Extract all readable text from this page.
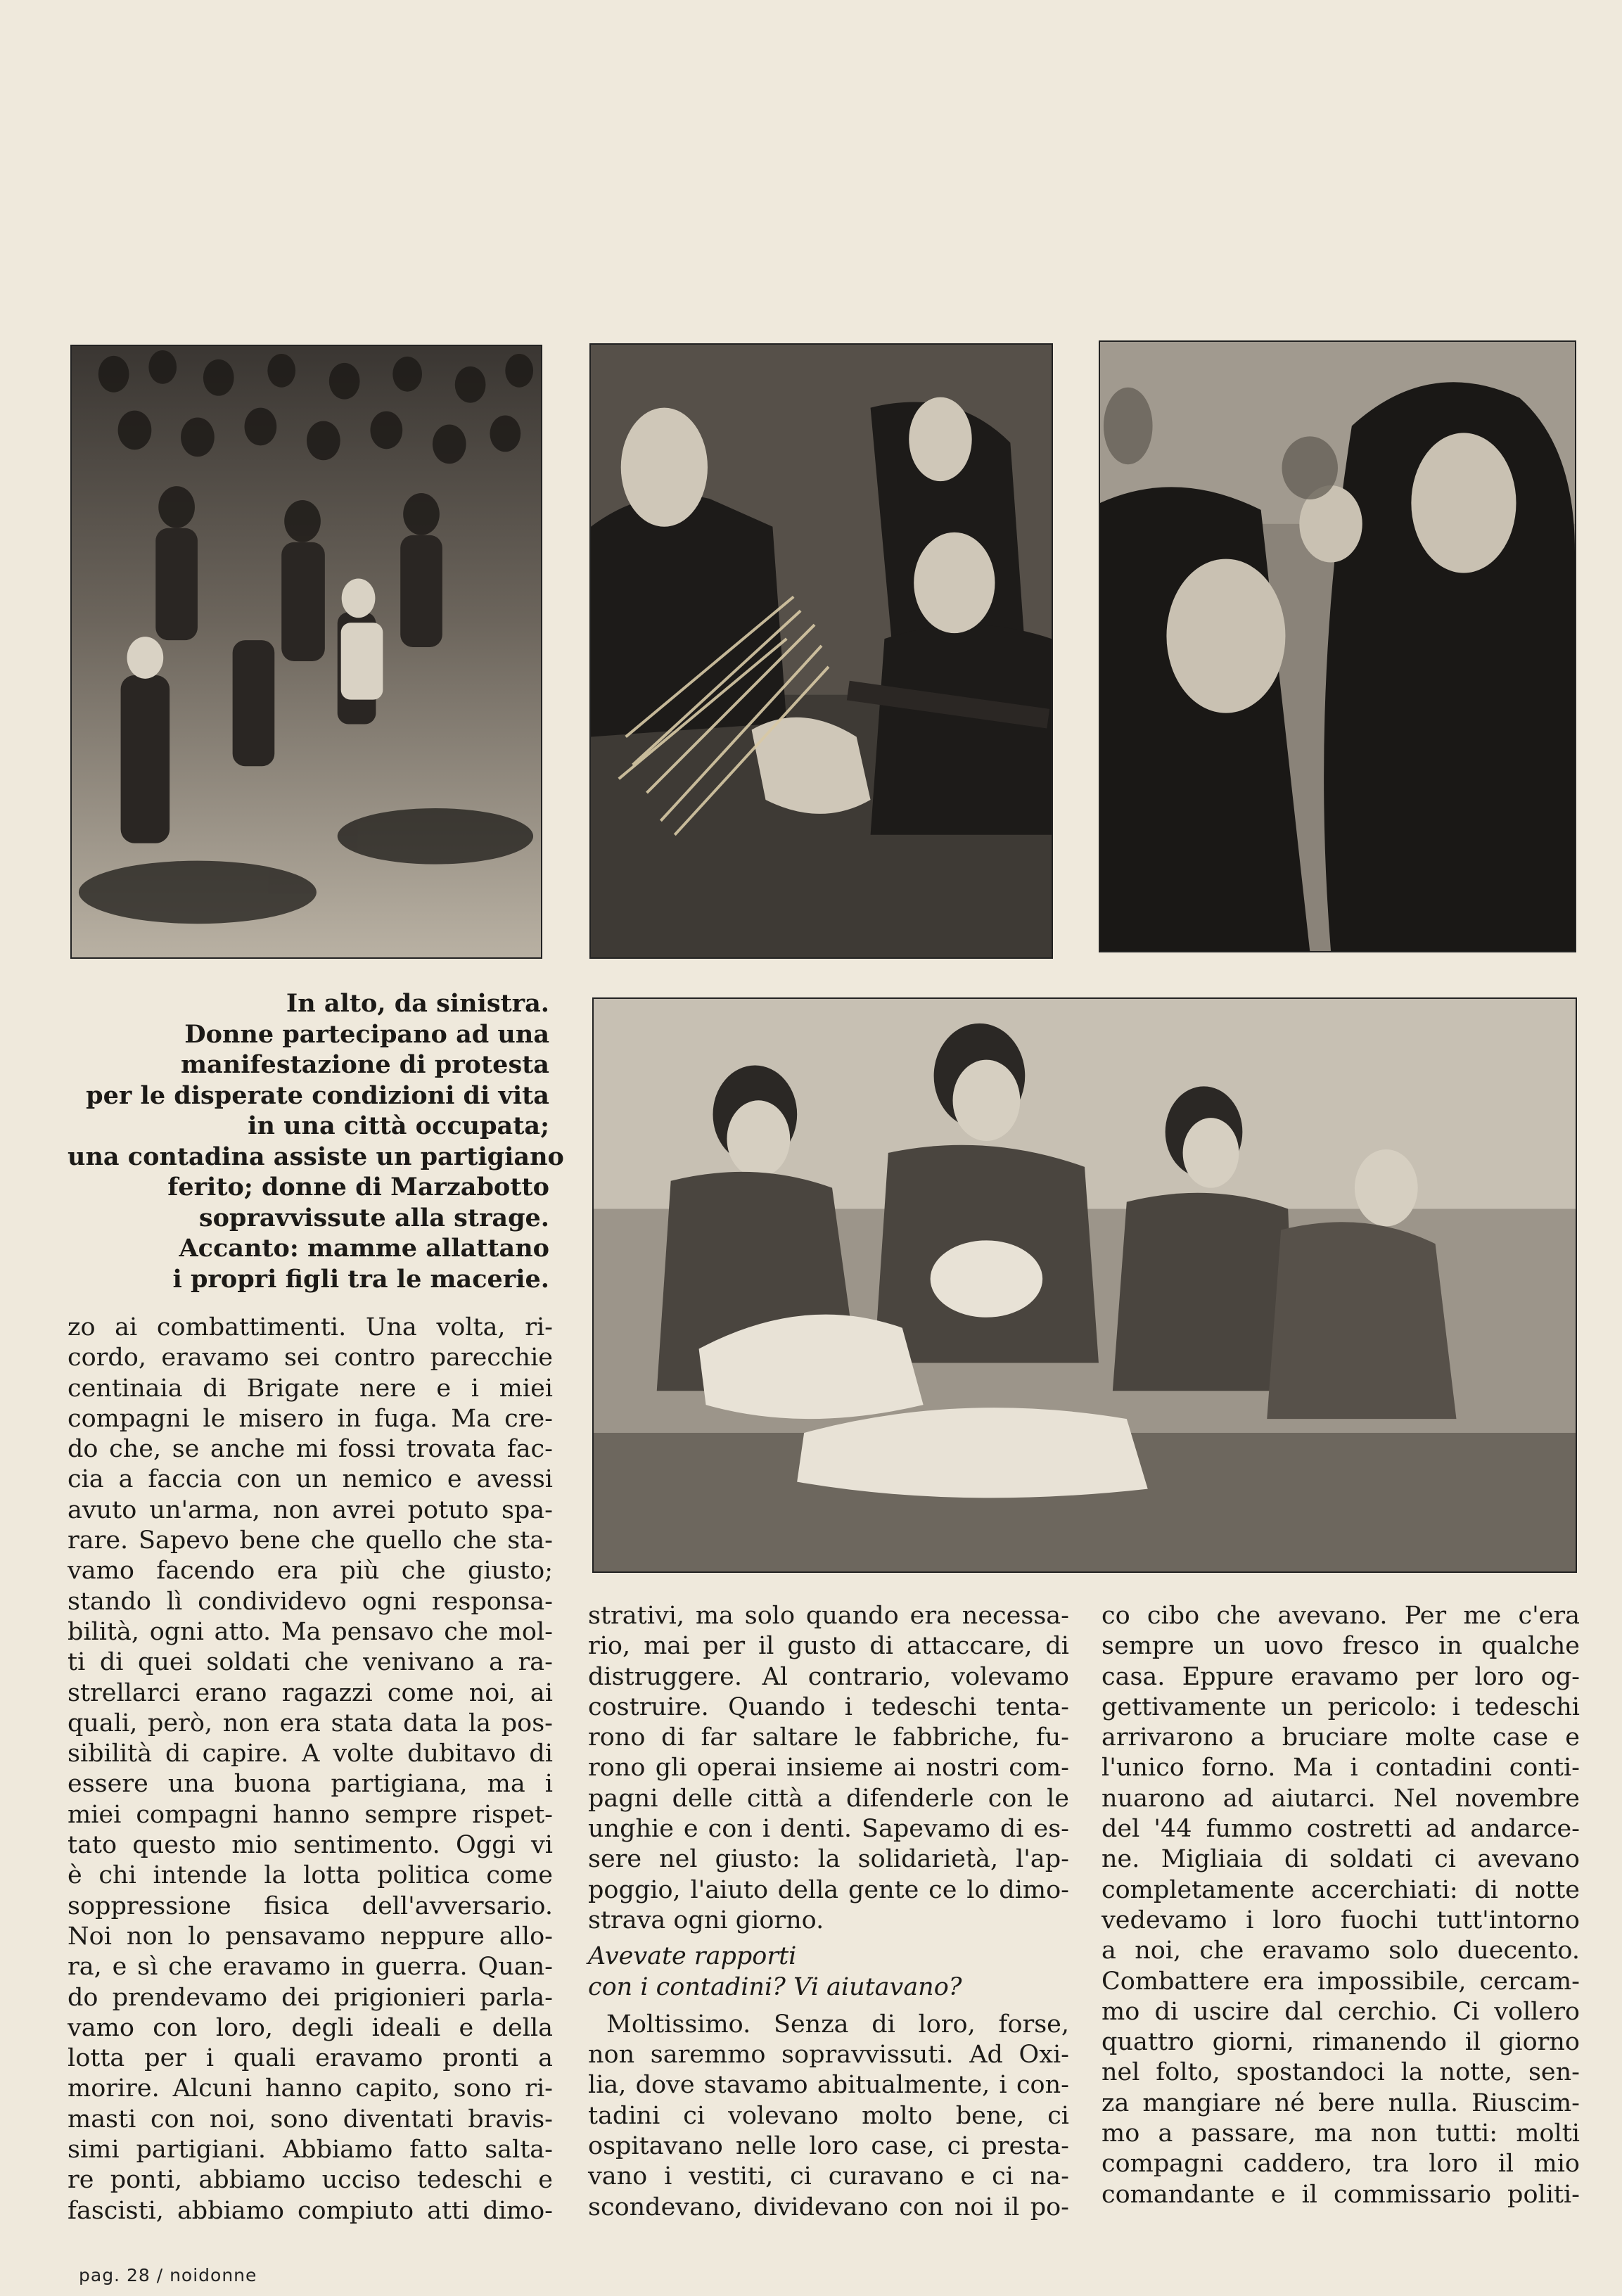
In alto, da sinistra.
Donne partecipano ad una
manifestazione di protesta
per le disperate condizioni di vita
in una città occupata;
una contadina assiste un partigiano
ferito; donne di Marzabotto
sopravvissute alla strage.
Accanto: mamme allattano
i propri figli tra le macerie.
zo ai combattimenti. Una volta, ri-
cordo, eravamo sei contro parecchie
centinaia di Brigate nere e i miei
compagni le misero in fuga. Ma cre-
do che, se anche mi fossi trovata fac-
cia a faccia con un nemico e avessi
avuto un'arma, non avrei potuto spa-
rare. Sapevo bene che quello che sta-
vamo facendo era più che giusto;
stando lì condividevo ogni responsa-
bilità, ogni atto. Ma pensavo che mol-
ti di quei soldati che venivano a ra-
strellarci erano ragazzi come noi, ai
quali, però, non era stata data la pos-
sibilità di capire. A volte dubitavo di
essere una buona partigiana, ma i
miei compagni hanno sempre rispet-
tato questo mio sentimento. Oggi vi
è chi intende la lotta politica come
soppressione fisica dell'avversario.
Noi non lo pensavamo neppure allo-
ra, e sì che eravamo in guerra. Quan-
do prendevamo dei prigionieri parla-
vamo con loro, degli ideali e della
lotta per i quali eravamo pronti a
morire. Alcuni hanno capito, sono ri-
masti con noi, sono diventati bravis-
simi partigiani. Abbiamo fatto salta-
re ponti, abbiamo ucciso tedeschi e
fascisti, abbiamo compiuto atti dimo-
strativi, ma solo quando era necessa-
rio, mai per il gusto di attaccare, di
distruggere. Al contrario, volevamo
costruire. Quando i tedeschi tenta-
rono di far saltare le fabbriche, fu-
rono gli operai insieme ai nostri com-
pagni delle città a difenderle con le
unghie e con i denti. Sapevamo di es-
sere nel giusto: la solidarietà, l'ap-
poggio, l'aiuto della gente ce lo dimo-
strava ogni giorno.
Avevate rapporti
con i contadini? Vi aiutavano?
Moltissimo. Senza di loro, forse,
non saremmo sopravvissuti. Ad Oxi-
lia, dove stavamo abitualmente, i con-
tadini ci volevano molto bene, ci
ospitavano nelle loro case, ci presta-
vano i vestiti, ci curavano e ci na-
scondevano, dividevano con noi il po-
co cibo che avevano. Per me c'era
sempre un uovo fresco in qualche
casa. Eppure eravamo per loro og-
gettivamente un pericolo: i tedeschi
arrivarono a bruciare molte case e
l'unico forno. Ma i contadini conti-
nuarono ad aiutarci. Nel novembre
del '44 fummo costretti ad andarce-
ne. Migliaia di soldati ci avevano
completamente accerchiati: di notte
vedevamo i loro fuochi tutt'intorno
a noi, che eravamo solo duecento.
Combattere era impossibile, cercam-
mo di uscire dal cerchio. Ci vollero
quattro giorni, rimanendo il giorno
nel folto, spostandoci la notte, sen-
za mangiare né bere nulla. Riuscim-
mo a passare, ma non tutti: molti
compagni caddero, tra loro il mio
comandante e il commissario politi-
pag. 28 / noidonne
